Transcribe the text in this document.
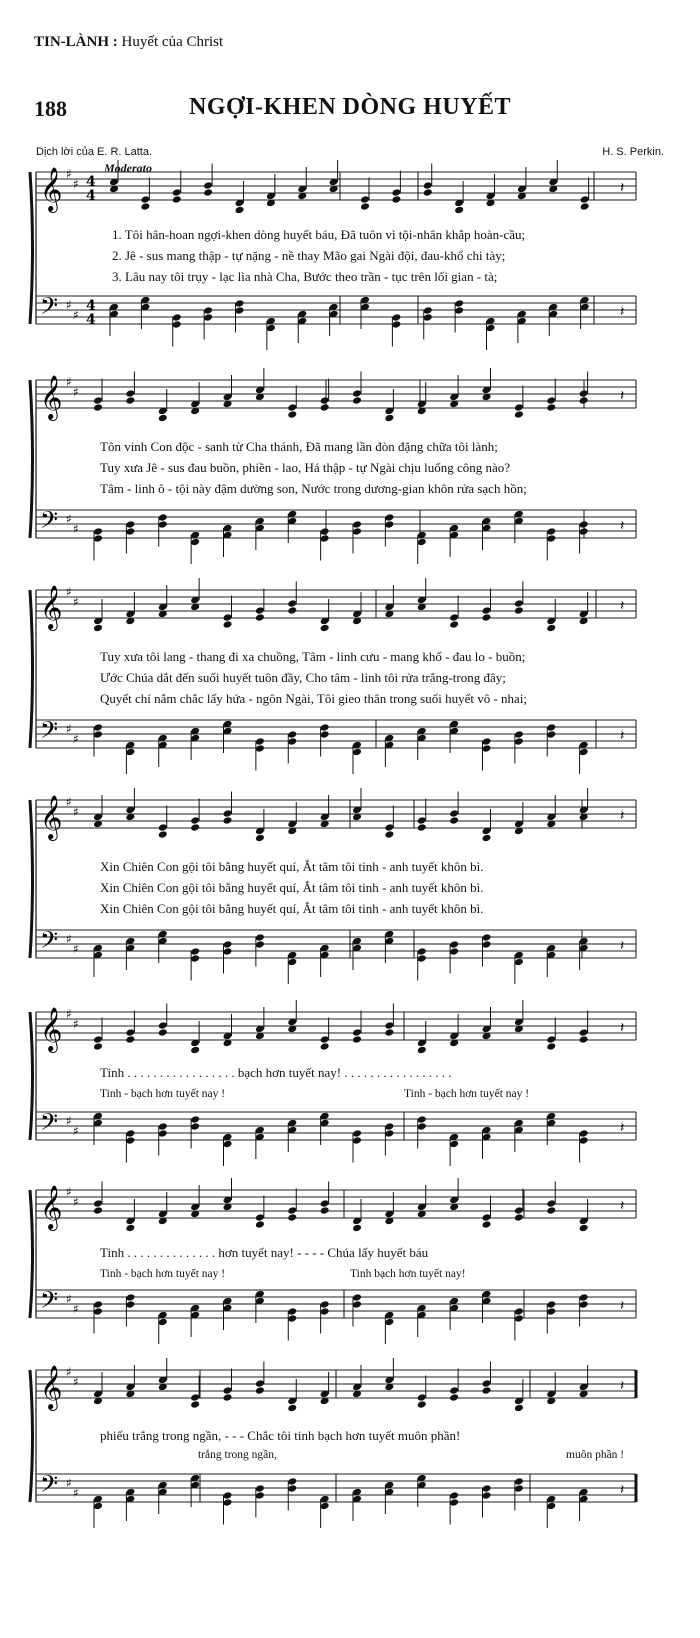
TIN-LÀNH : Huyết của Christ
188	NGỢI-KHEN DÒNG HUYẾT
Dịch lời của E. R. Latta.	H. S. Perkin.
Moderato
𝄞 ♯
♯ 4
4	𝄽
𝄢 ♯
♯
4
4	𝄽
𝄞 ♯
♯	𝄽
𝄢 ♯
♯	𝄽
𝄞 ♯
♯	𝄽
𝄢 ♯
♯	𝄽
𝄞 ♯
♯	𝄽
𝄢 ♯
♯	𝄽
𝄞 ♯
♯	𝄽
𝄢 ♯
♯	𝄽
𝄞 ♯
♯	𝄽
𝄢 ♯
♯	𝄽
𝄞 ♯
♯	𝄽
𝄢 ♯
♯	𝄽
1. Tôi hân-hoan ngợi-khen dòng huyết báu, Đã tuôn vì tội-nhân khắp hoàn-cầu;
2. Jê - sus mang thập - tự nặng - nề thay Mão gai Ngài đội, đau-khổ chi tày;
3. Lâu nay tôi trụy - lạc lìa nhà Cha, Bước theo trần - tục trên lối gian - tà;
Tôn vinh Con độc - sanh từ Cha thánh, Đã mang lần đòn đặng chữa tôi lành;
Tuy xưa Jê - sus đau buồn, phiền - lao, Há thập - tự Ngài chịu luống công nào?
Tâm - linh ô - tội này đậm dường son, Nước trong dương-gian khôn rửa sạch hồn;
Tuy xưa tôi lang - thang đi xa chuồng, Tâm - linh cưu - mang khổ - đau lo - buồn;
Ước Chúa dắt đến suối huyết tuôn đầy, Cho tâm - linh tôi rửa trắng-trong đây;
Quyết chí nắm chắc lấy hứa - ngôn Ngài, Tôi gieo thân trong suối huyết vô - nhai;
Xin Chiên Con gội tôi bằng huyết quí, Ắt tâm tôi tinh - anh tuyết khôn bì.
Xin Chiên Con gội tôi bằng huyết quí, Ắt tâm tôi tinh - anh tuyết khôn bì.
Xin Chiên Con gội tôi bằng huyết quí, Ắt tâm tôi tinh - anh tuyết khôn bì.
Tinh . . . . . . . . . . . . . . . . . bạch hơn tuyết nay! . . . . . . . . . . . . . . . . .
Tinh - bạch hơn tuyết nay !	Tinh - bạch hơn tuyết nay !
Tinh . . . . . . . . . . . . . . hơn tuyết nay! - - - - Chúa lấy huyết báu
Tinh - bạch hơn tuyết nay !	Tinh bạch hơn tuyết nay!
phiếu trắng trong ngần, - - - Chắc tôi tinh bạch hơn tuyết muôn phần!
trắng trong ngần,	muôn phần !
